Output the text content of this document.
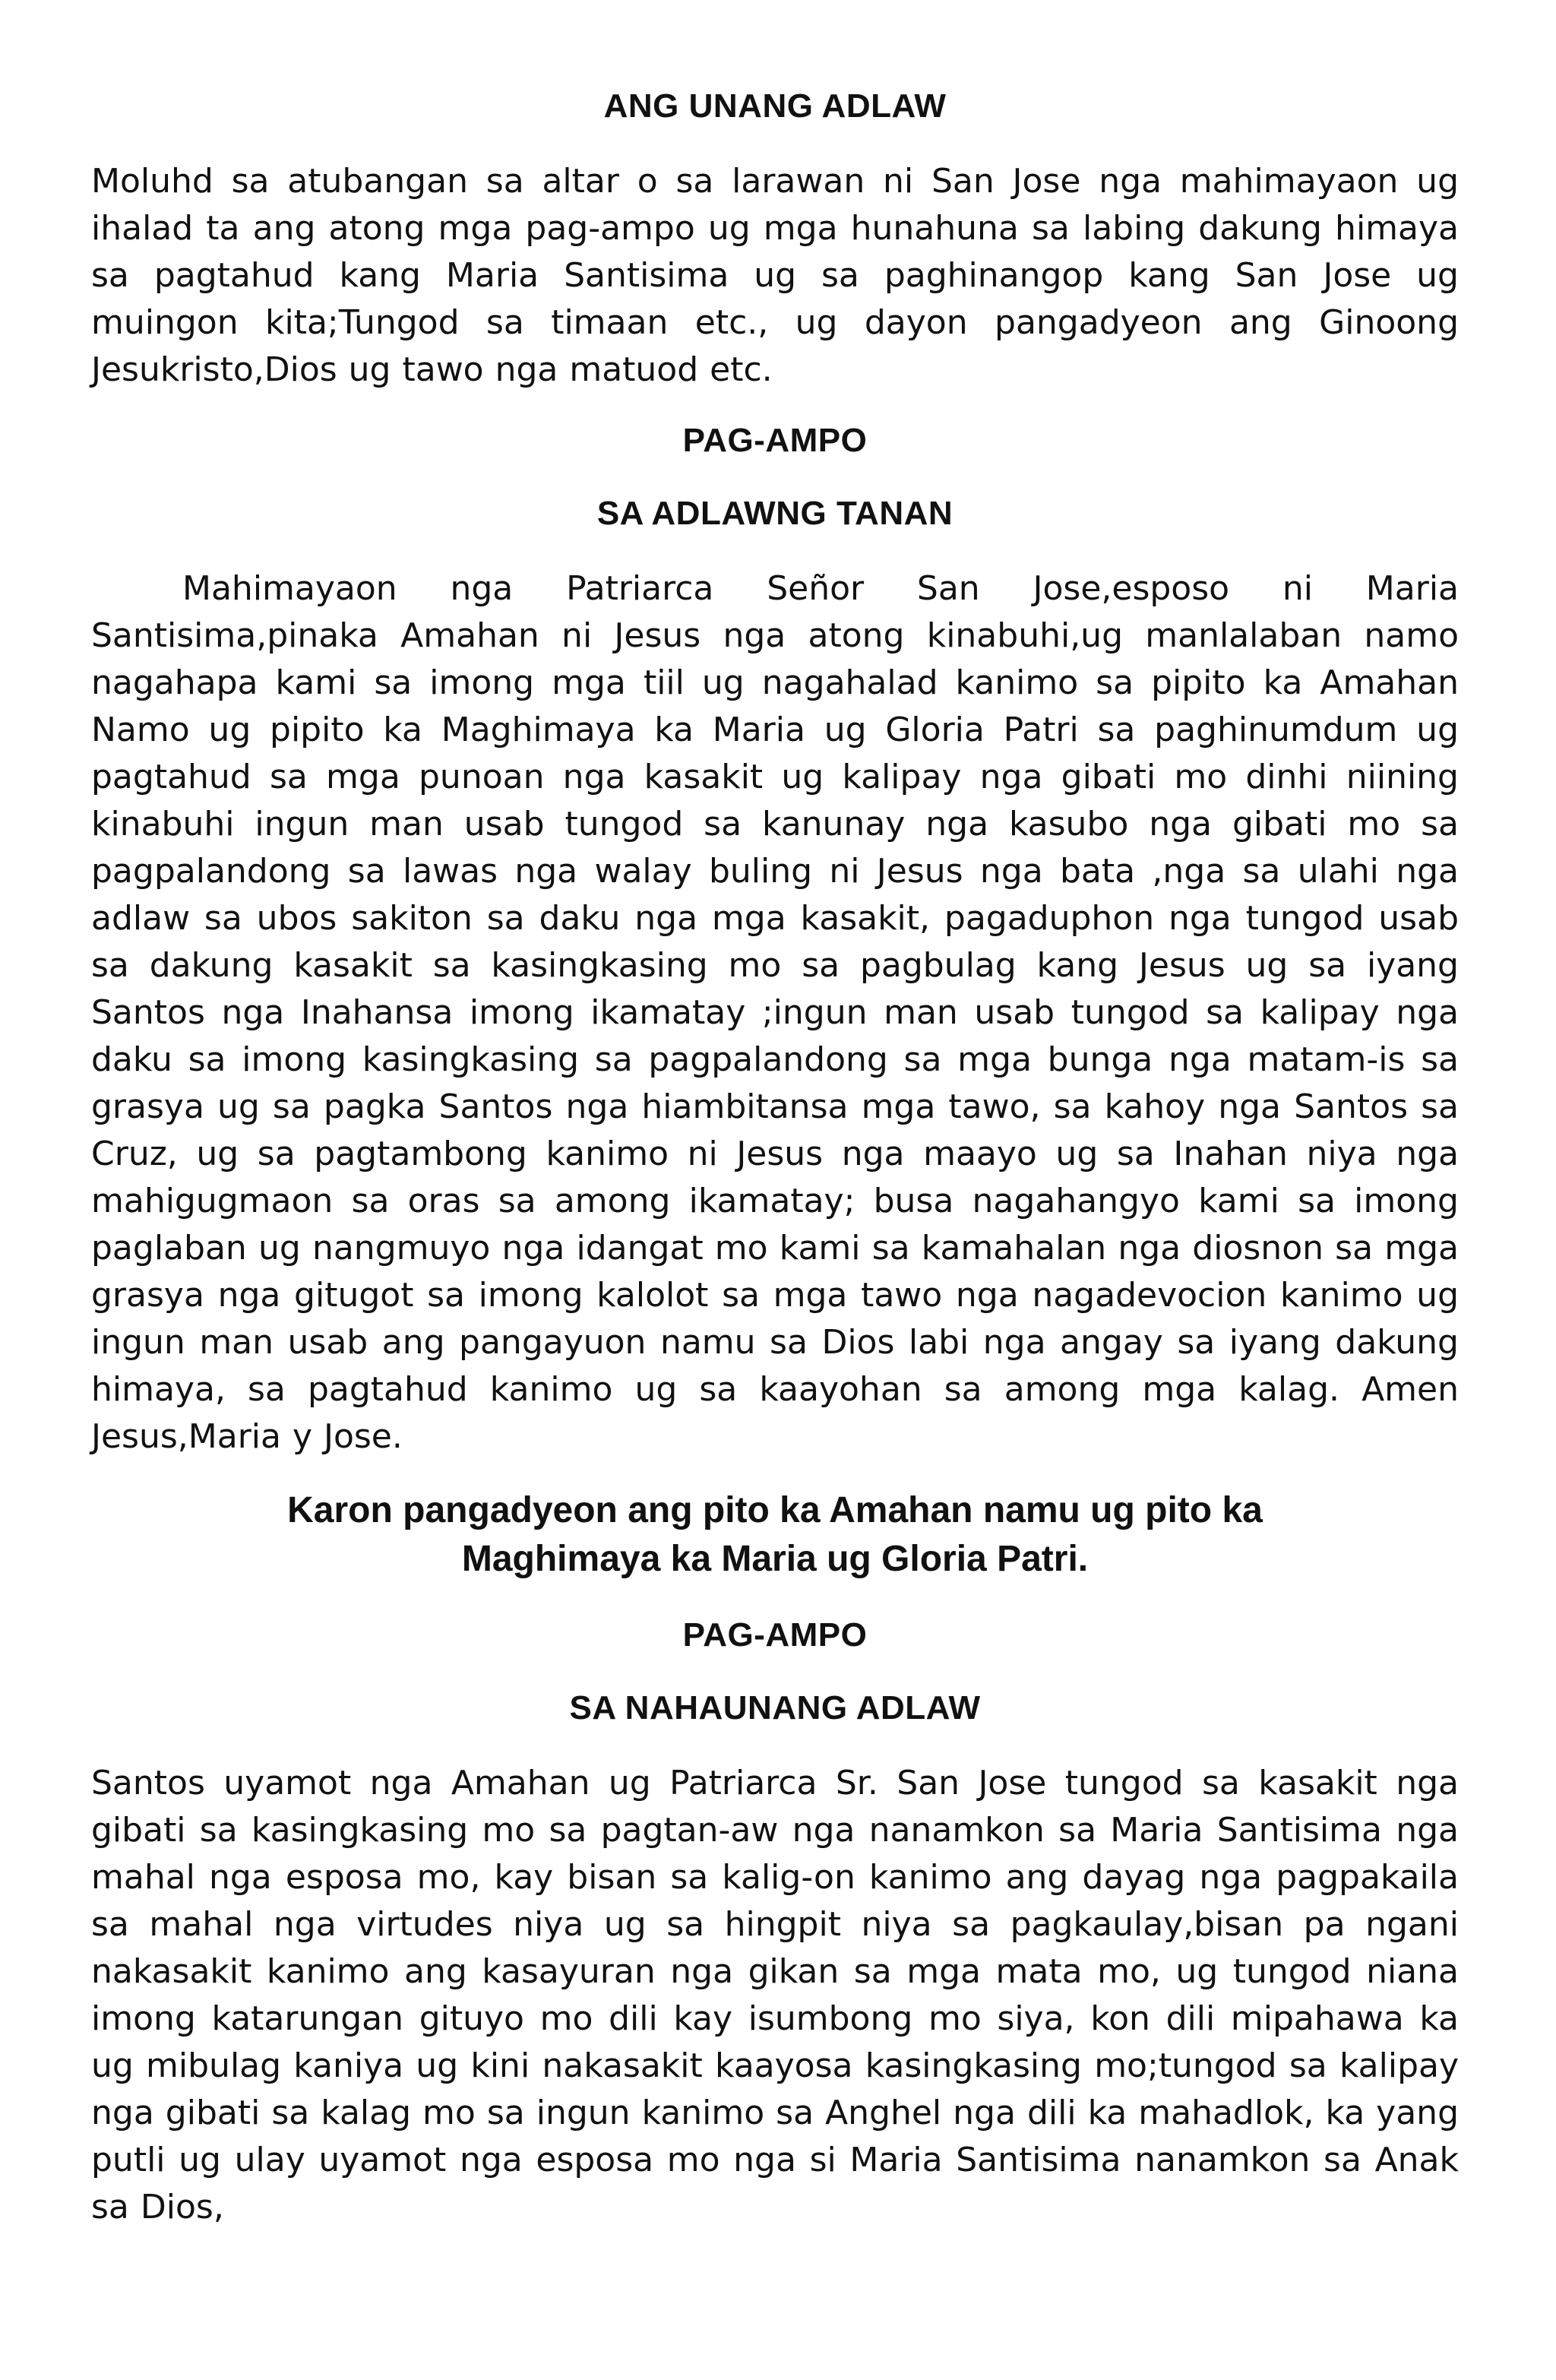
ANG UNANG ADLAW

Moluhd sa atubangan sa altar o sa larawan ni San Jose nga mahimayaon ug ihalad ta ang atong mga pag-ampo ug mga hunahuna sa labing dakung himaya sa pagtahud kang Maria Santisima ug sa paghinangop kang San Jose ug muingon kita;Tungod sa timaan etc., ug dayon pangadyeon ang Ginoong Jesukristo,Dios ug tawo nga matuod etc.

PAG-AMPO
SA ADLAWNG TANAN

Mahimayaon nga Patriarca Señor San Jose,esposo ni Maria Santisima,pinaka Amahan ni Jesus nga atong kinabuhi,ug manlalaban namo nagahapa kami sa imong mga tiil ug nagahalad kanimo sa pipito ka Amahan Namo ug pipito ka Maghimaya ka Maria ug Gloria Patri sa paghinumdum ug pagtahud sa mga punoan nga kasakit ug kalipay nga gibati mo dinhi niining kinabuhi ingun man usab tungod sa kanunay nga kasubo nga gibati mo sa pagpalandong sa lawas nga walay buling ni Jesus nga bata ,nga sa ulahi nga adlaw sa ubos sakiton sa daku nga mga kasakit, pagaduphon nga tungod usab sa dakung kasakit sa kasingkasing mo sa pagbulag kang Jesus ug sa iyang Santos nga Inahansa imong ikamatay ;ingun man usab tungod sa kalipay nga daku sa imong kasingkasing sa pagpalandong sa mga bunga nga matam-is sa grasya ug sa pagka Santos nga hiambitansa mga tawo, sa kahoy nga Santos sa Cruz, ug sa pagtambong kanimo ni Jesus nga maayo ug sa Inahan niya nga mahigugmaon sa oras sa among ikamatay; busa nagahangyo kami sa imong paglaban ug nangmuyo nga idangat mo kami sa kamahalan nga diosnon sa mga grasya nga gitugot sa imong kalolot sa mga tawo nga nagadevocion kanimo ug ingun man usab ang pangayuon namu sa Dios labi nga angay sa iyang dakung himaya, sa pagtahud kanimo ug sa kaayohan sa among mga kalag. Amen Jesus,Maria y Jose.

Karon pangadyeon ang pito ka Amahan namu ug pito ka Maghimaya ka Maria ug Gloria Patri.

PAG-AMPO
SA NAHAUNANG ADLAW

Santos uyamot nga Amahan ug Patriarca Sr. San Jose tungod sa kasakit nga gibati sa kasingkasing mo sa pagtan-aw nga nanamkon sa Maria Santisima nga mahal nga esposa mo, kay bisan sa kalig-on kanimo ang dayag nga pagpakaila sa mahal nga virtudes niya ug sa hingpit niya sa pagkaulay,bisan pa ngani nakasakit kanimo ang kasayuran nga gikan sa mga mata mo, ug tungod niana imong katarungan gituyo mo dili kay isumbong mo siya, kon dili mipahawa ka ug mibulag kaniya ug kini nakasakit kaayosa kasingkasing mo;tungod sa kalipay nga gibati sa kalag mo sa ingun kanimo sa Anghel nga dili ka mahadlok, ka yang putli ug ulay uyamot nga esposa mo nga si Maria Santisima nanamkon sa Anak sa Dios,
